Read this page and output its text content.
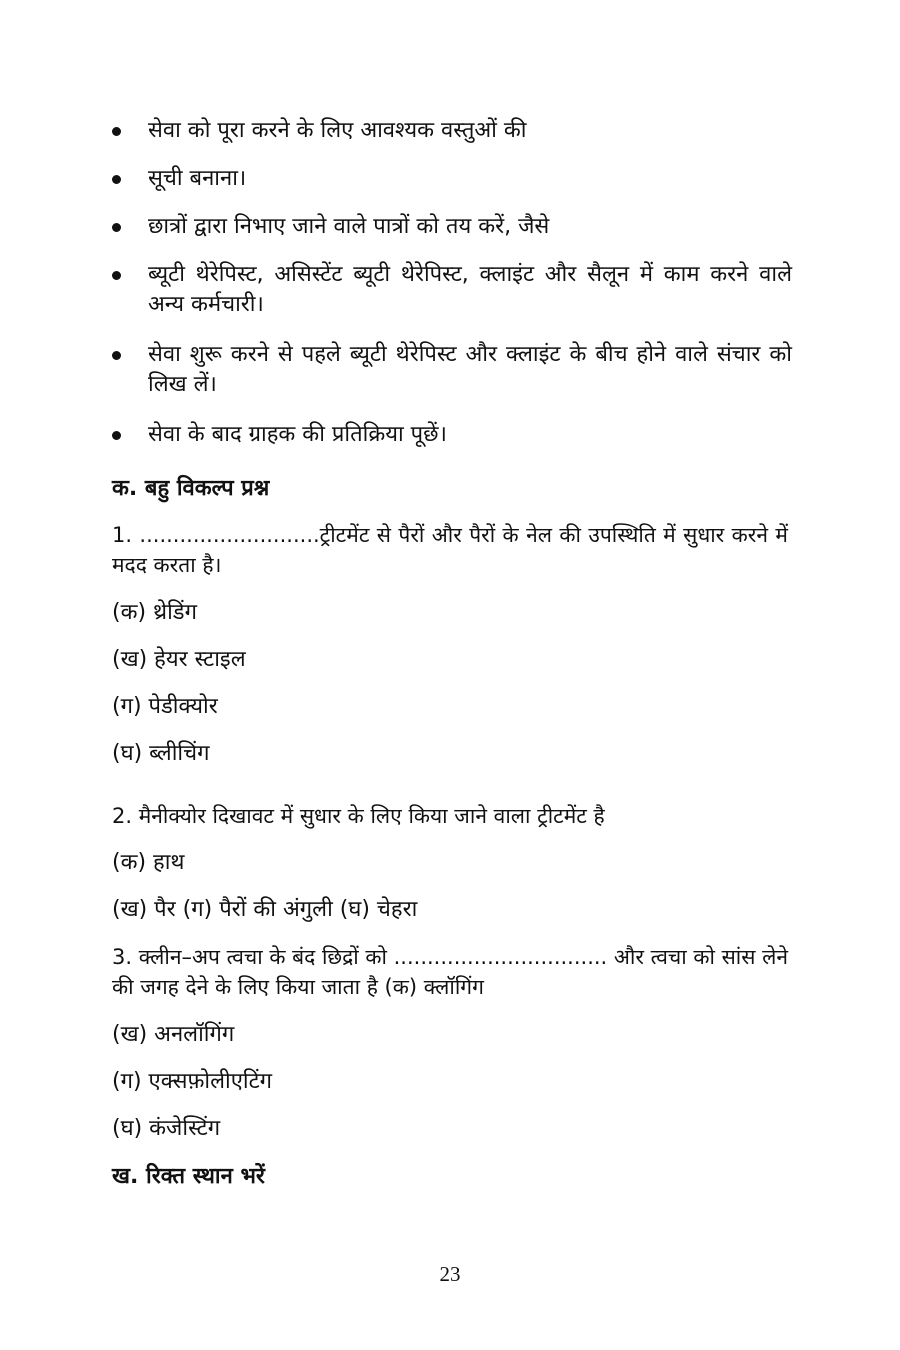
सेवा को पूरा करने के लिए आवश्यक वस्तुओं की
सूची बनाना।
छात्रों द्वारा निभाए जाने वाले पात्रों को तय करें, जैसे
ब्यूटी थेरेपिस्ट, असिस्टेंट ब्यूटी थेरेपिस्ट, क्लाइंट और सैलून में काम करने वाले अन्य कर्मचारी।
सेवा शुरू करने से पहले ब्यूटी थेरेपिस्ट और क्लाइंट के बीच होने वाले संचार को लिख लें।
सेवा के बाद ग्राहक की प्रतिक्रिया पूछें।
क. बहु विकल्प प्रश्न
1. ...........................ट्रीटमेंट से पैरों और पैरों के नेल की उपस्थिति में सुधार करने में मदद करता है।
(क) थ्रेडिंग
(ख) हेयर स्टाइल
(ग) पेडीक्योर
(घ) ब्लीचिंग
2. मैनीक्योर दिखावट में सुधार के लिए किया जाने वाला ट्रीटमेंट है
(क) हाथ
(ख) पैर (ग) पैरों की अंगुली (घ) चेहरा
3. क्लीन–अप त्वचा के बंद छिद्रों को ................................ और त्वचा को सांस लेने की जगह देने के लिए किया जाता है (क) क्लॉगिंग
(ख) अनलॉगिंग
(ग) एक्सफ़ोलीएटिंग
(घ) कंजेस्टिंग
ख. रिक्त स्थान भरें
23
